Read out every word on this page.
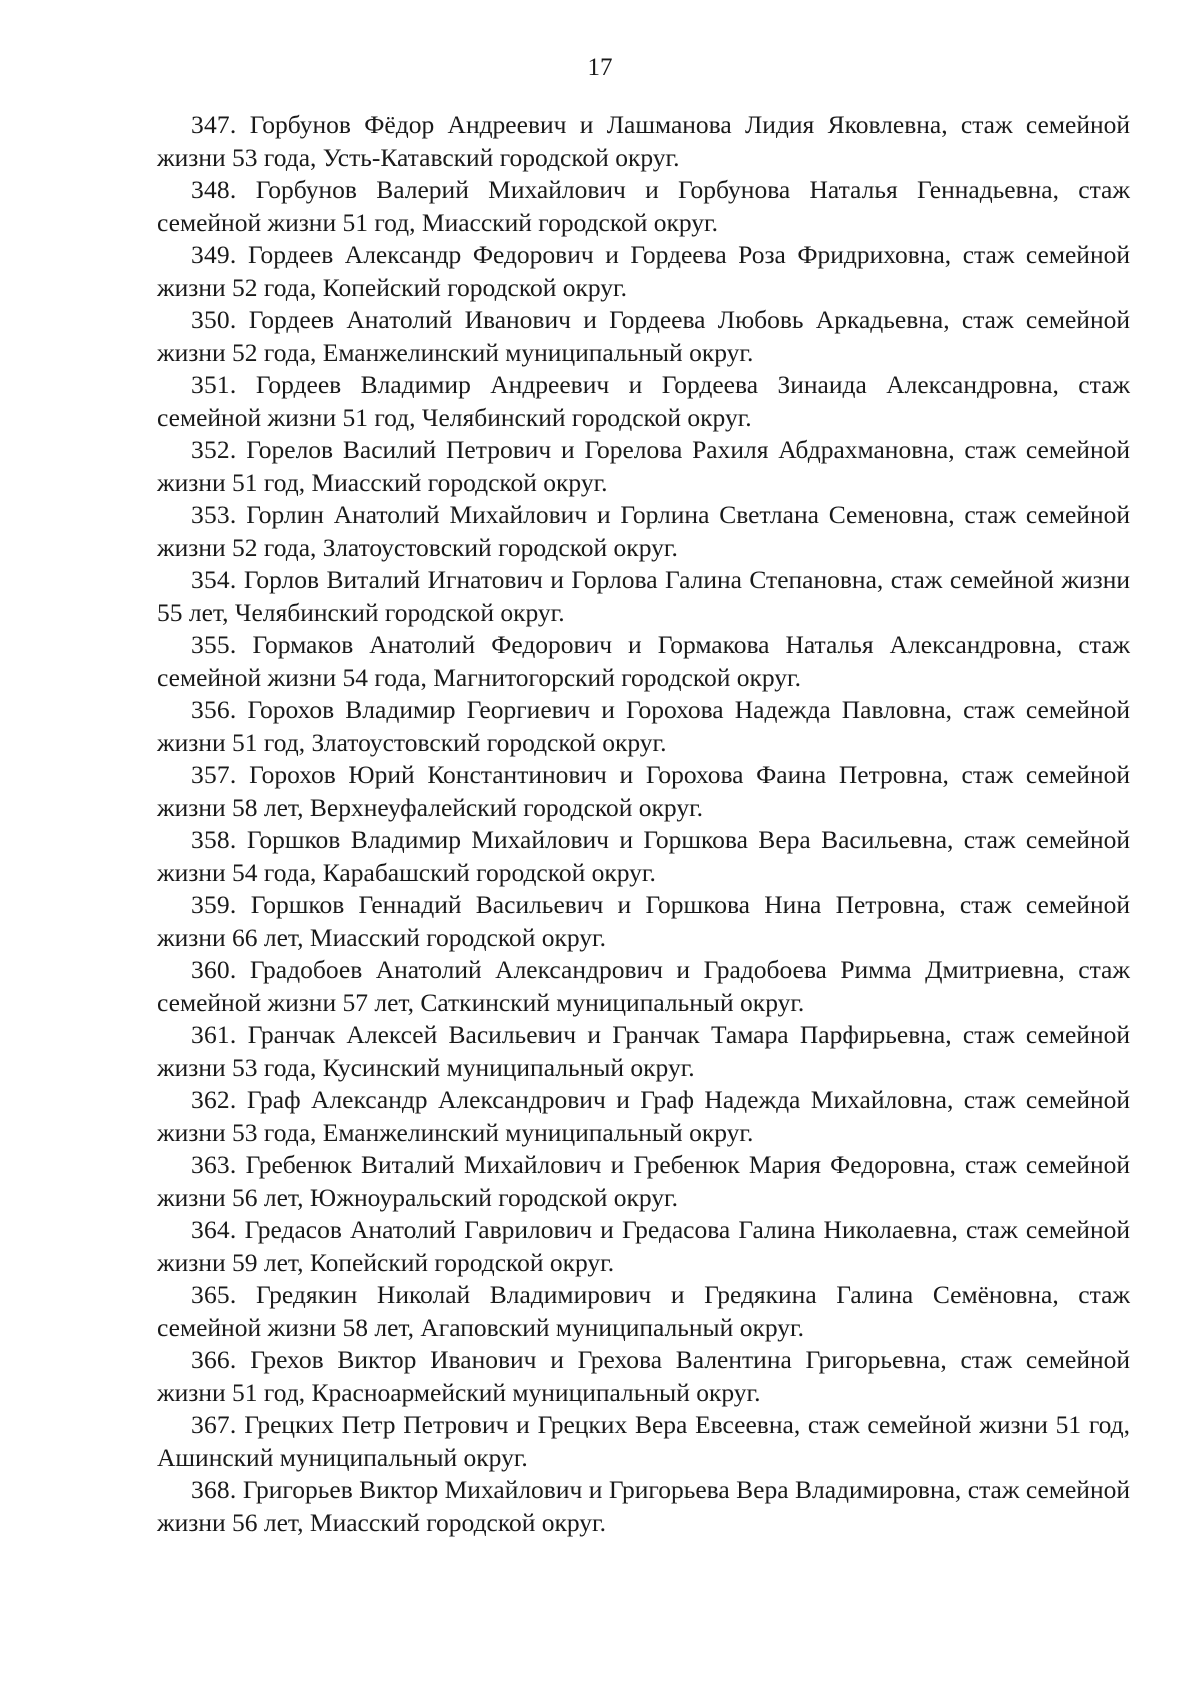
17

347. Горбунов Фёдор Андреевич и Лашманова Лидия Яковлевна, стаж семейной жизни 53 года, Усть-Катавский городской округ.

348. Горбунов Валерий Михайлович и Горбунова Наталья Геннадьевна, стаж семейной жизни 51 год, Миасский городской округ.

349. Гордеев Александр Федорович и Гордеева Роза Фридриховна, стаж семейной жизни 52 года, Копейский городской округ.

350. Гордеев Анатолий Иванович и Гордеева Любовь Аркадьевна, стаж семейной жизни 52 года, Еманжелинский муниципальный округ.

351. Гордеев Владимир Андреевич и Гордеева Зинаида Александровна, стаж семейной жизни 51 год, Челябинский городской округ.

352. Горелов Василий Петрович и Горелова Рахиля Абдрахмановна, стаж семейной жизни 51 год, Миасский городской округ.

353. Горлин Анатолий Михайлович и Горлина Светлана Семеновна, стаж семейной жизни 52 года, Златоустовский городской округ.

354. Горлов Виталий Игнатович и Горлова Галина Степановна, стаж семейной жизни 55 лет, Челябинский городской округ.

355. Гормаков Анатолий Федорович и Гормакова Наталья Александровна, стаж семейной жизни 54 года, Магнитогорский городской округ.

356. Горохов Владимир Георгиевич и Горохова Надежда Павловна, стаж семейной жизни 51 год, Златоустовский городской округ.

357. Горохов Юрий Константинович и Горохова Фаина Петровна, стаж семейной жизни 58 лет, Верхнеуфалейский городской округ.

358. Горшков Владимир Михайлович и Горшкова Вера Васильевна, стаж семейной жизни 54 года, Карабашский городской округ.

359. Горшков Геннадий Васильевич и Горшкова Нина Петровна, стаж семейной жизни 66 лет, Миасский городской округ.

360. Градобоев Анатолий Александрович и Градобоева Римма Дмитриевна, стаж семейной жизни 57 лет, Саткинский муниципальный округ.

361. Гранчак Алексей Васильевич и Гранчак Тамара Парфирьевна, стаж семейной жизни 53 года, Кусинский муниципальный округ.

362. Граф Александр Александрович и Граф Надежда Михайловна, стаж семейной жизни 53 года, Еманжелинский муниципальный округ.

363. Гребенюк Виталий Михайлович и Гребенюк Мария Федоровна, стаж семейной жизни 56 лет, Южноуральский городской округ.

364. Гредасов Анатолий Гаврилович и Гредасова Галина Николаевна, стаж семейной жизни 59 лет, Копейский городской округ.

365. Гредякин Николай Владимирович и Гредякина Галина Семёновна, стаж семейной жизни 58 лет, Агаповский муниципальный округ.

366. Грехов Виктор Иванович и Грехова Валентина Григорьевна, стаж семейной жизни 51 год, Красноармейский муниципальный округ.

367. Грецких Петр Петрович и Грецких Вера Евсеевна, стаж семейной жизни 51 год, Ашинский муниципальный округ.

368. Григорьев Виктор Михайлович и Григорьева Вера Владимировна, стаж семейной жизни 56 лет, Миасский городской округ.
